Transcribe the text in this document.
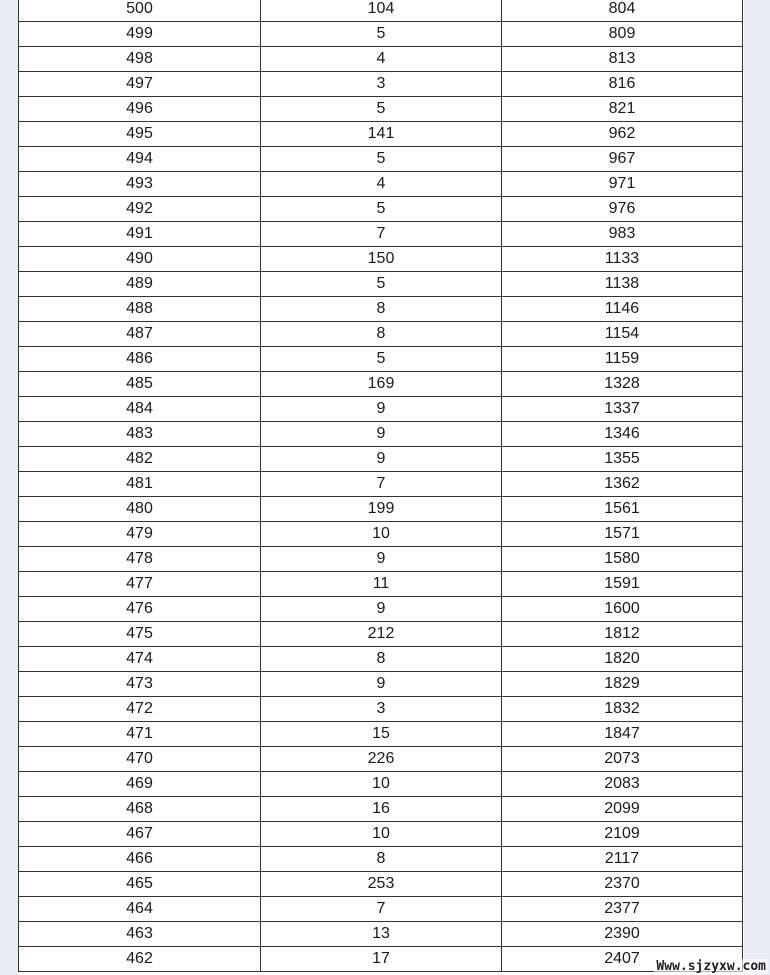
500	104	804
499	5	809
498	4	813
497	3	816
496	5	821
495	141	962
494	5	967
493	4	971
492	5	976
491	7	983
490	150	1133
489	5	1138
488	8	1146
487	8	1154
486	5	1159
485	169	1328
484	9	1337
483	9	1346
482	9	1355
481	7	1362
480	199	1561
479	10	1571
478	9	1580
477	11	1591
476	9	1600
475	212	1812
474	8	1820
473	9	1829
472	3	1832
471	15	1847
470	226	2073
469	10	2083
468	16	2099
467	10	2109
466	8	2117
465	253	2370
464	7	2377
463	13	2390
462	17	2407 Www.sjzyxw.com
